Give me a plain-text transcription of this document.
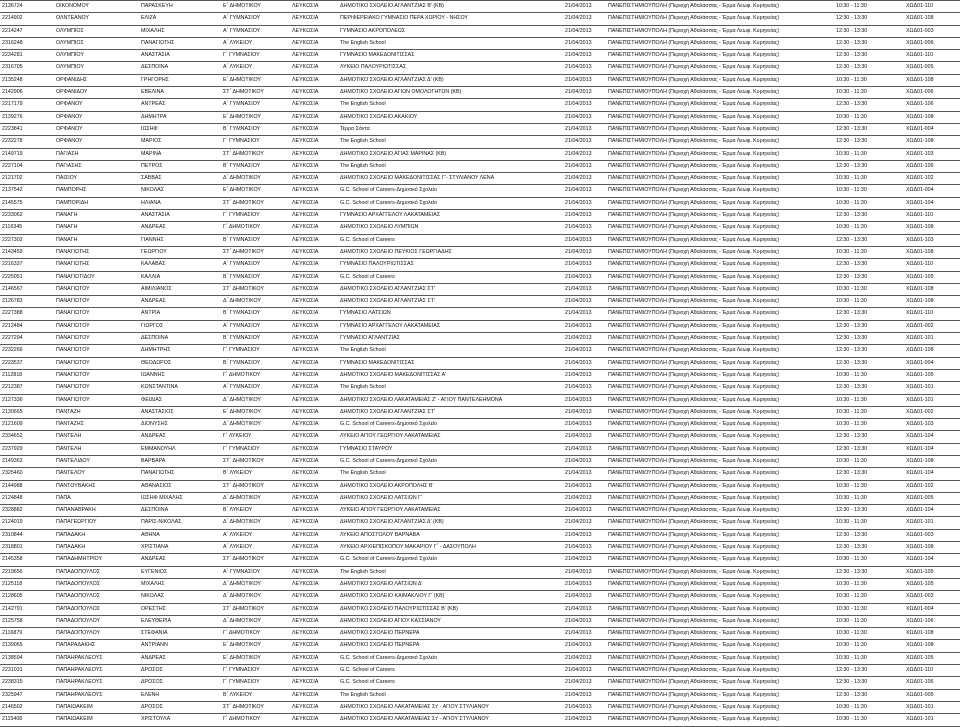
2136724	ΟΙΚΟΝΟΜΟΥ	ΠΑΡΑΣΚΕΥΗ	Ε΄ ΔΗΜΟΤΙΚΟΥ	ΛΕΥΚΩΣΙΑ	ΔΗΜΟΤΙΚΟ ΣΧΟΛΕΙΟ ΑΓΛΑΝΤΖΙΑΣ Β' (ΚΒ)	21/04/2013	ΠΑΝΕΠΙΣΤΗΜΙΟΥΠΟΛΗ (Περιοχή Αθαλάσσας - Έρμα Λεωφ. Κυρηνείας)	10:30 - 11:30	ΧΩΔ01-110
2214902	ΟΛΝΤΕΑΝΟΥ	ΕΛΙΖΑ	Α΄ ΓΥΜΝΑΣΙΟΥ	ΛΕΥΚΩΣΙΑ	ΠΕΡΙΦΕΡΕΙΑΚΟ ΓΥΜΝΑΣΙΟ ΠΕΡΑ ΧΩΡΙΟΥ - ΝΗΣΟΥ	21/04/2013	ΠΑΝΕΠΙΣΤΗΜΙΟΥΠΟΛΗ (Περιοχή Αθαλάσσας - Έρμα Λεωφ. Κυρηνείας)	12:30 - 13:30	ΧΩΔ01-108
2214247	ΟΛΥΜΠΙΟΣ	ΜΙΧΑΛΗΣ	Α΄ ΓΥΜΝΑΣΙΟΥ	ΛΕΥΚΩΣΙΑ	ΓΥΜΝΑΣΙΟ ΑΚΡΟΠΟΛΕΩΣ	21/04/2013	ΠΑΝΕΠΙΣΤΗΜΙΟΥΠΟΛΗ (Περιοχή Αθαλάσσας - Έρμα Λεωφ. Κυρηνείας)	12:30 - 13:30	ΧΩΔ01-003
2316248	ΟΛΥΜΠΙΟΣ	ΠΑΝΑΓΙΩΤΗΣ	Α΄ ΛΥΚΕΙΟΥ	ΛΕΥΚΩΣΙΑ	The English School	21/04/2013	ΠΑΝΕΠΙΣΤΗΜΙΟΥΠΟΛΗ (Περιοχή Αθαλάσσας - Έρμα Λεωφ. Κυρηνείας)	12:30 - 13:30	ΧΩΔ01-006
2234281	ΟΛΥΜΠΙΟΥ	ΑΝΑΣΤΑΣΙΑ	Γ΄ ΓΥΜΝΑΣΙΟΥ	ΛΕΥΚΩΣΙΑ	ΓΥΜΝΑΣΙΟ ΜΑΚΕΔΟΝΙΤΙΣΣΑΣ	21/04/2013	ΠΑΝΕΠΙΣΤΗΜΙΟΥΠΟΛΗ (Περιοχή Αθαλάσσας - Έρμα Λεωφ. Κυρηνείας)	12:30 - 13:30	ΧΩΔ01-110
2316705	ΟΛΥΜΠΙΟΥ	ΔΕΣΠΟΙΝΑ	Α΄ ΛΥΚΕΙΟΥ	ΛΕΥΚΩΣΙΑ	ΛΥΚΕΙΟ ΠΑΛΟΥΡΙΩΤΙΣΣΑΣ	21/04/2013	ΠΑΝΕΠΙΣΤΗΜΙΟΥΠΟΛΗ (Περιοχή Αθαλάσσας - Έρμα Λεωφ. Κυρηνείας)	12:30 - 13:30	ΧΩΔ01-005
2135248	ΟΡΦΑΝΙΔΗΣ	ΓΡΗΓΟΡΗΣ	Ε΄ ΔΗΜΟΤΙΚΟΥ	ΛΕΥΚΩΣΙΑ	ΔΗΜΟΤΙΚΟ ΣΧΟΛΕΙΟ ΑΓΛΑΝΤΖΙΑΣ Δ' (ΚΒ)	21/04/2013	ΠΑΝΕΠΙΣΤΗΜΙΟΥΠΟΛΗ (Περιοχή Αθαλάσσας - Έρμα Λεωφ. Κυρηνείας)	10:30 - 11:30	ΧΩΔ01-108
2142906	ΟΡΦΑΝΙΔΟΥ	ΕΒΕΛΙΝΑ	ΣΤ΄ ΔΗΜΟΤΙΚΟΥ	ΛΕΥΚΩΣΙΑ	ΔΗΜΟΤΙΚΟ ΣΧΟΛΕΙΟ ΑΓΙΩΝ ΟΜΟΛΟΓΗΤΩΝ (ΚΒ)	21/04/2013	ΠΑΝΕΠΙΣΤΗΜΙΟΥΠΟΛΗ (Περιοχή Αθαλάσσας - Έρμα Λεωφ. Κυρηνείας)	10:30 - 11:30	ΧΩΔ01-006
2217179	ΟΡΦΑΝΟΥ	ΑΝΤΡΕΑΣ	Α΄ ΓΥΜΝΑΣΙΟΥ	ΛΕΥΚΩΣΙΑ	The English School	21/04/2013	ΠΑΝΕΠΙΣΤΗΜΙΟΥΠΟΛΗ (Περιοχή Αθαλάσσας - Έρμα Λεωφ. Κυρηνείας)	12:30 - 13:30	ΧΩΔ01-106
2139276	ΟΡΦΑΝΟΥ	ΔΗΜΗΤΡΑ	Ε΄ ΔΗΜΟΤΙΚΟΥ	ΛΕΥΚΩΣΙΑ	ΔΗΜΟΤΙΚΟ ΣΧΟΛΕΙΟ ΑΚΑΚΙΟΥ	21/04/2013	ΠΑΝΕΠΙΣΤΗΜΙΟΥΠΟΛΗ (Περιοχή Αθαλάσσας - Έρμα Λεωφ. Κυρηνείας)	10:30 - 11:30	ΧΩΔ01-108
2223841	ΟΡΦΑΝΟΥ	ΙΩΣΗΦ	Β΄ ΓΥΜΝΑΣΙΟΥ	ΛΕΥΚΩΣΙΑ	Τέρρα Σάντα	21/04/2013	ΠΑΝΕΠΙΣΤΗΜΙΟΥΠΟΛΗ (Περιοχή Αθαλάσσας - Έρμα Λεωφ. Κυρηνείας)	12:30 - 13:30	ΧΩΔ01-004
2232278	ΟΡΦΑΝΟΥ	ΜΑΡΙΟΣ	Γ΄ ΓΥΜΝΑΣΙΟΥ	ΛΕΥΚΩΣΙΑ	The English School	21/04/2013	ΠΑΝΕΠΙΣΤΗΜΙΟΥΠΟΛΗ (Περιοχή Αθαλάσσας - Έρμα Λεωφ. Κυρηνείας)	12:30 - 13:30	ΧΩΔ01-108
2149719	ΠΑΓΙΑΣΗ	ΜΑΡΙΝΑ	ΣΤ΄ ΔΗΜΟΤΙΚΟΥ	ΛΕΥΚΩΣΙΑ	ΔΗΜΟΤΙΚΟ ΣΧΟΛΕΙΟ ΑΓΙΑΣ ΜΑΡΙΝΑΣ (ΚΒ)	21/04/2013	ΠΑΝΕΠΙΣΤΗΜΙΟΥΠΟΛΗ (Περιοχή Αθαλάσσας - Έρμα Λεωφ. Κυρηνείας)	10:30 - 11:30	ΧΩΔ01-103
2227104	ΠΑΓΙΑΣΗΣ	ΠΕΤΡΟΣ	Β΄ ΓΥΜΝΑΣΙΟΥ	ΛΕΥΚΩΣΙΑ	The English School	21/04/2013	ΠΑΝΕΠΙΣΤΗΜΙΟΥΠΟΛΗ (Περιοχή Αθαλάσσας - Έρμα Λεωφ. Κυρηνείας)	12:30 - 13:30	ΧΩΔ01-106
2121702	ΠΑΙΣΙΟΥ	ΣΑΒΒΑΣ	Δ΄ ΔΗΜΟΤΙΚΟΥ	ΛΕΥΚΩΣΙΑ	ΔΗΜΟΤΙΚΟ ΣΧΟΛΕΙΟ ΜΑΚΕΔΟΝΙΤΙΣΣΑΣ Γ'- ΣΤΥΛΙΑΝΟΥ ΛΕΝΑ	21/04/2013	ΠΑΝΕΠΙΣΤΗΜΙΟΥΠΟΛΗ (Περιοχή Αθαλάσσας - Έρμα Λεωφ. Κυρηνείας)	10:30 - 11:30	ΧΩΔ01-102
2137542	ΠΑΜΠΟΡΗΣ	ΝΙΚΟΛΑΣ	Ε΄ ΔΗΜΟΤΙΚΟΥ	ΛΕΥΚΩΣΙΑ	G.C. School of Careers-Δημοτικό Σχολείο	21/04/2013	ΠΑΝΕΠΙΣΤΗΜΙΟΥΠΟΛΗ (Περιοχή Αθαλάσσας - Έρμα Λεωφ. Κυρηνείας)	10:30 - 11:30	ΧΩΔ01-004
2145575	ΠΑΜΠΟΡΙΔΗ	ΗΛΙΑΝΑ	ΣΤ΄ ΔΗΜΟΤΙΚΟΥ	ΛΕΥΚΩΣΙΑ	G.C. School of Careers-Δημοτικό Σχολείο	21/04/2013	ΠΑΝΕΠΙΣΤΗΜΙΟΥΠΟΛΗ (Περιοχή Αθαλάσσας - Έρμα Λεωφ. Κυρηνείας)	10:30 - 11:30	ΧΩΔ01-104
2233062	ΠΑΝΑΓΗ	ΑΝΑΣΤΑΣΙΑ	Γ΄ ΓΥΜΝΑΣΙΟΥ	ΛΕΥΚΩΣΙΑ	ΓΥΜΝΑΣΙΟ ΑΡΧΑΓΓΕΛΟΥ ΛΑΚΑΤΑΜΕΙΑΣ	21/04/2013	ΠΑΝΕΠΙΣΤΗΜΙΟΥΠΟΛΗ (Περιοχή Αθαλάσσας - Έρμα Λεωφ. Κυρηνείας)	12:30 - 13:30	ΧΩΔ01-110
2116345	ΠΑΝΑΓΗ	ΑΝΔΡΕΑΣ	Γ΄ ΔΗΜΟΤΙΚΟΥ	ΛΕΥΚΩΣΙΑ	ΔΗΜΟΤΙΚΟ ΣΧΟΛΕΙΟ ΛΥΜΠΙΩΝ	21/04/2013	ΠΑΝΕΠΙΣΤΗΜΙΟΥΠΟΛΗ (Περιοχή Αθαλάσσας - Έρμα Λεωφ. Κυρηνείας)	10:30 - 11:30	ΧΩΔ01-108
2227302	ΠΑΝΑΓΗ	ΓΙΑΝΝΗΣ	Β΄ ΓΥΜΝΑΣΙΟΥ	ΛΕΥΚΩΣΙΑ	G.C. School of Careers	21/04/2013	ΠΑΝΕΠΙΣΤΗΜΙΟΥΠΟΛΗ (Περιοχή Αθαλάσσας - Έρμα Λεωφ. Κυρηνείας)	12:30 - 13:30	ΧΩΔ01-103
2143459	ΠΑΝΑΓΙΩΤΗΣ	ΓΕΩΡΓΙΟΥ	ΣΤ΄ ΔΗΜΟΤΙΚΟΥ	ΛΕΥΚΩΣΙΑ	ΔΗΜΟΤΙΚΟ ΣΧΟΛΕΙΟ ΠΕΥΚΙΟΣ ΓΕΩΡΓΙΑΔΗΣ	21/04/2013	ΠΑΝΕΠΙΣΤΗΜΙΟΥΠΟΛΗ (Περιοχή Αθαλάσσας - Έρμα Λεωφ. Κυρηνείας)	10:30 - 11:30	ΧΩΔ01-108
2216337	ΠΑΝΑΓΙΩΤΗΣ	ΚΑΛΑΒΑΣ	Α΄ ΓΥΜΝΑΣΙΟΥ	ΛΕΥΚΩΣΙΑ	ΓΥΜΝΑΣΙΟ ΠΑΛΟΥΡΙΩΤΙΣΣΑΣ	21/04/2013	ΠΑΝΕΠΙΣΤΗΜΙΟΥΠΟΛΗ (Περιοχή Αθαλάσσας - Έρμα Λεωφ. Κυρηνείας)	12:30 - 13:30	ΧΩΔ01-110
2225051	ΠΑΝΑΓΙΩΤΙΔΟΥ	ΚΑΛΛΙΑ	Β΄ ΓΥΜΝΑΣΙΟΥ	ΛΕΥΚΩΣΙΑ	G.C. School of Careers	21/04/2013	ΠΑΝΕΠΙΣΤΗΜΙΟΥΠΟΛΗ (Περιοχή Αθαλάσσας - Έρμα Λεωφ. Κυρηνείας)	12:30 - 13:30	ΧΩΔ01-105
2146567	ΠΑΝΑΓΙΩΤΟΥ	ΑΙΜΙΛΙΑΝΟΣ	ΣΤ΄ ΔΗΜΟΤΙΚΟΥ	ΛΕΥΚΩΣΙΑ	ΔΗΜΟΤΙΚΟ ΣΧΟΛΕΙΟ ΑΓΛΑΝΤΖΙΑΣ ΣΤ'	21/04/2013	ΠΑΝΕΠΙΣΤΗΜΙΟΥΠΟΛΗ (Περιοχή Αθαλάσσας - Έρμα Λεωφ. Κυρηνείας)	10:30 - 11:30	ΧΩΔ01-108
2126783	ΠΑΝΑΓΙΩΤΟΥ	ΑΝΔΡΕΑΣ	Δ΄ ΔΗΜΟΤΙΚΟΥ	ΛΕΥΚΩΣΙΑ	ΔΗΜΟΤΙΚΟ ΣΧΟΛΕΙΟ ΑΓΛΑΝΤΖΙΑΣ ΣΤ'	21/04/2013	ΠΑΝΕΠΙΣΤΗΜΙΟΥΠΟΛΗ (Περιοχή Αθαλάσσας - Έρμα Λεωφ. Κυρηνείας)	10:30 - 11:30	ΧΩΔ01-108
2227388	ΠΑΝΑΓΙΩΤΟΥ	ΑΝΤΡΙΑ	Β΄ ΓΥΜΝΑΣΙΟΥ	ΛΕΥΚΩΣΙΑ	ΓΥΜΝΑΣΙΟ ΛΑΤΣΙΩΝ	21/04/2013	ΠΑΝΕΠΙΣΤΗΜΙΟΥΠΟΛΗ (Περιοχή Αθαλάσσας - Έρμα Λεωφ. Κυρηνείας)	12:30 - 13:30	ΧΩΔ01-110
2212484	ΠΑΝΑΓΙΩΤΟΥ	ΓΙΩΡΓΟΣ	Α΄ ΓΥΜΝΑΣΙΟΥ	ΛΕΥΚΩΣΙΑ	ΓΥΜΝΑΣΙΟ ΑΡΧΑΓΓΕΛΟΥ ΛΑΚΑΤΑΜΕΙΑΣ	21/04/2013	ΠΑΝΕΠΙΣΤΗΜΙΟΥΠΟΛΗ (Περιοχή Αθαλάσσας - Έρμα Λεωφ. Κυρηνείας)	12:30 - 13:30	ΧΩΔ01-002
2227294	ΠΑΝΑΓΙΩΤΟΥ	ΔΕΣΠΟΙΝΑ	Β΄ ΓΥΜΝΑΣΙΟΥ	ΛΕΥΚΩΣΙΑ	ΓΥΜΝΑΣΙΟ ΑΓΛΑΝΤΖΙΑΣ	21/04/2013	ΠΑΝΕΠΙΣΤΗΜΙΟΥΠΟΛΗ (Περιοχή Αθαλάσσας - Έρμα Λεωφ. Κυρηνείας)	12:30 - 13:30	ΧΩΔ01-101
2232266	ΠΑΝΑΓΙΩΤΟΥ	ΔΗΜΗΤΡΗΣ	Γ΄ ΓΥΜΝΑΣΙΟΥ	ΛΕΥΚΩΣΙΑ	The English School	21/04/2013	ΠΑΝΕΠΙΣΤΗΜΙΟΥΠΟΛΗ (Περιοχή Αθαλάσσας - Έρμα Λεωφ. Κυρηνείας)	12:30 - 13:30	ΧΩΔ01-108
2223537	ΠΑΝΑΓΙΩΤΟΥ	ΘΕΟΔΩΡΟΣ	Β΄ ΓΥΜΝΑΣΙΟΥ	ΛΕΥΚΩΣΙΑ	ΓΥΜΝΑΣΙΟ ΜΑΚΕΔΟΝΙΤΙΣΣΑΣ	21/04/2013	ΠΑΝΕΠΙΣΤΗΜΙΟΥΠΟΛΗ (Περιοχή Αθαλάσσας - Έρμα Λεωφ. Κυρηνείας)	12:30 - 13:30	ΧΩΔ01-004
2112818	ΠΑΝΑΓΙΩΤΟΥ	ΙΩΑΝΝΗΣ	Γ΄ ΔΗΜΟΤΙΚΟΥ	ΛΕΥΚΩΣΙΑ	ΔΗΜΟΤΙΚΟ ΣΧΟΛΕΙΟ ΜΑΚΕΔΟΝΙΤΙΣΣΑΣ Α'	21/04/2013	ΠΑΝΕΠΙΣΤΗΜΙΟΥΠΟΛΗ (Περιοχή Αθαλάσσας - Έρμα Λεωφ. Κυρηνείας)	10:30 - 11:30	ΧΩΔ01-105
2212387	ΠΑΝΑΓΙΩΤΟΥ	ΚΩΝΣΤΑΝΤΙΝΑ	Α΄ ΓΥΜΝΑΣΙΟΥ	ΛΕΥΚΩΣΙΑ	The English School	21/04/2013	ΠΑΝΕΠΙΣΤΗΜΙΟΥΠΟΛΗ (Περιοχή Αθαλάσσας - Έρμα Λεωφ. Κυρηνείας)	12:30 - 13:30	ΧΩΔ01-101
2127336	ΠΑΝΑΓΙΩΤΟΥ	ΦΕΙΔΙΑΣ	Δ΄ ΔΗΜΟΤΙΚΟΥ	ΛΕΥΚΩΣΙΑ	ΔΗΜΟΤΙΚΟ ΣΧΟΛΕΙΟ ΛΑΚΑΤΑΜΕΙΑΣ Ζ' - ΑΓΙΟΥ ΠΑΝΤΕΛΕΗΜΟΝΑ	21/04/2013	ΠΑΝΕΠΙΣΤΗΜΙΟΥΠΟΛΗ (Περιοχή Αθαλάσσας - Έρμα Λεωφ. Κυρηνείας)	10:30 - 11:30	ΧΩΔ01-101
2130665	ΠΑΝΤΑΖΗ	ΑΝΑΣΤΑΣΙΟΣ	Ε΄ ΔΗΜΟΤΙΚΟΥ	ΛΕΥΚΩΣΙΑ	ΔΗΜΟΤΙΚΟ ΣΧΟΛΕΙΟ ΑΓΛΑΝΤΖΙΑΣ ΣΤ'	21/04/2013	ΠΑΝΕΠΙΣΤΗΜΙΟΥΠΟΛΗ (Περιοχή Αθαλάσσας - Έρμα Λεωφ. Κυρηνείας)	10:30 - 11:30	ΧΩΔ01-002
2121609	ΠΑΝΤΑΖΗΣ	ΔΙΟΝΥΣΗΣ	Δ΄ ΔΗΜΟΤΙΚΟΥ	ΛΕΥΚΩΣΙΑ	G.C. School of Careers-Δημοτικό Σχολείο	21/04/2013	ΠΑΝΕΠΙΣΤΗΜΙΟΥΠΟΛΗ (Περιοχή Αθαλάσσας - Έρμα Λεωφ. Κυρηνείας)	10:30 - 11:30	ΧΩΔ01-103
2334652	ΠΑΝΤΕΛΗ	ΑΝΔΡΕΑΣ	Γ΄ ΛΥΚΕΙΟΥ	ΛΕΥΚΩΣΙΑ	ΛΥΚΕΙΟ ΑΓΙΟΥ ΓΕΩΡΓΙΟΥ ΛΑΚΑΤΑΜΕΙΑΣ	21/04/2013	ΠΑΝΕΠΙΣΤΗΜΙΟΥΠΟΛΗ (Περιοχή Αθαλάσσας - Έρμα Λεωφ. Κυρηνείας)	12:30 - 13:30	ΧΩΔ01-104
2237929	ΠΑΝΤΕΛΗ	ΕΜΜΑΝΟΥΗΛ	Γ΄ ΓΥΜΝΑΣΙΟΥ	ΛΕΥΚΩΣΙΑ	ΓΥΜΝΑΣΙΟ ΣΤΑΥΡΟΥ	21/04/2013	ΠΑΝΕΠΙΣΤΗΜΙΟΥΠΟΛΗ (Περιοχή Αθαλάσσας - Έρμα Λεωφ. Κυρηνείας)	12:30 - 13:30	ΧΩΔ01-104
2149363	ΠΑΝΤΕΛΙΔΟΥ	ΒΑΡΒΑΡΑ	ΣΤ΄ ΔΗΜΟΤΙΚΟΥ	ΛΕΥΚΩΣΙΑ	G.C. School of Careers-Δημοτικό Σχολείο	21/04/2013	ΠΑΝΕΠΙΣΤΗΜΙΟΥΠΟΛΗ (Περιοχή Αθαλάσσας - Έρμα Λεωφ. Κυρηνείας)	10:30 - 11:30	ΧΩΔ01-108
2325460	ΠΑΝΤΕΛΟΥ	ΠΑΝΑΓΙΩΤΗΣ	Β΄ ΛΥΚΕΙΟΥ	ΛΕΥΚΩΣΙΑ	The English School	21/04/2013	ΠΑΝΕΠΙΣΤΗΜΙΟΥΠΟΛΗ (Περιοχή Αθαλάσσας - Έρμα Λεωφ. Κυρηνείας)	12:30 - 13:30	ΧΩΔ01-104
2144988	ΠΑΝΤΟΥΒΑΚΗΣ	ΑΘΑΝΑΣΙΟΣ	ΣΤ΄ ΔΗΜΟΤΙΚΟΥ	ΛΕΥΚΩΣΙΑ	ΔΗΜΟΤΙΚΟ ΣΧΟΛΕΙΟ ΑΚΡΟΠΟΛΗΣ Β'	21/04/2013	ΠΑΝΕΠΙΣΤΗΜΙΟΥΠΟΛΗ (Περιοχή Αθαλάσσας - Έρμα Λεωφ. Κυρηνείας)	10:30 - 11:30	ΧΩΔ01-102
2124848	ΠΑΠΑ	ΙΩΣΗΦ ΜΙΧΑΛΗΣ	Δ΄ ΔΗΜΟΤΙΚΟΥ	ΛΕΥΚΩΣΙΑ	ΔΗΜΟΤΙΚΟ ΣΧΟΛΕΙΟ ΛΑΤΣΙΩΝ Γ'	21/04/2013	ΠΑΝΕΠΙΣΤΗΜΙΟΥΠΟΛΗ (Περιοχή Αθαλάσσας - Έρμα Λεωφ. Κυρηνείας)	10:30 - 11:30	ΧΩΔ01-005
2328882	ΠΑΠΑΝΑΒΡΑΚΗ	ΔΕΣΠΟΙΝΑ	Β΄ ΛΥΚΕΙΟΥ	ΛΕΥΚΩΣΙΑ	ΛΥΚΕΙΟ ΑΓΙΟΥ ΓΕΩΡΓΙΟΥ ΛΑΚΑΤΑΜΕΙΑΣ	21/04/2013	ΠΑΝΕΠΙΣΤΗΜΙΟΥΠΟΛΗ (Περιοχή Αθαλάσσας - Έρμα Λεωφ. Κυρηνείας)	12:30 - 13:30	ΧΩΔ01-104
2124019	ΠΑΠΑΓΕΩΡΓΙΟΥ	ΠΑΡΙΣ-ΝΙΚΟΛΑΣ	Δ΄ ΔΗΜΟΤΙΚΟΥ	ΛΕΥΚΩΣΙΑ	ΔΗΜΟΤΙΚΟ ΣΧΟΛΕΙΟ ΑΓΛΑΝΤΖΙΑΣ Δ' (ΚΒ)	21/04/2013	ΠΑΝΕΠΙΣΤΗΜΙΟΥΠΟΛΗ (Περιοχή Αθαλάσσας - Έρμα Λεωφ. Κυρηνείας)	10:30 - 11:30	ΧΩΔ01-101
2310844	ΠΑΠΑΔΑΚΗ	ΑΘΗΝΑ	Α΄ ΛΥΚΕΙΟΥ	ΛΕΥΚΩΣΙΑ	ΛΥΚΕΙΟ ΑΠΟΣΤΟΛΟΥ ΒΑΡΝΑΒΑ	21/04/2013	ΠΑΝΕΠΙΣΤΗΜΙΟΥΠΟΛΗ (Περιοχή Αθαλάσσας - Έρμα Λεωφ. Κυρηνείας)	12:30 - 13:30	ΧΩΔ01-003
2318801	ΠΑΠΑΔΑΚΗ	ΧΡΙΣΤΙΑΝΑ	Α΄ ΛΥΚΕΙΟΥ	ΛΕΥΚΩΣΙΑ	ΛΥΚΕΙΟ ΑΡΧΙΕΠΙΣΚΟΠΟΥ ΜΑΚΑΡΙΟΥ Γ΄ - ΔΑΣΟΥΠΟΛΗ	21/04/2013	ΠΑΝΕΠΙΣΤΗΜΙΟΥΠΟΛΗ (Περιοχή Αθαλάσσας - Έρμα Λεωφ. Κυρηνείας)	12:30 - 13:30	ΧΩΔ01-108
2145358	ΠΑΠΑΔΗΜΗΤΡΙΟΥ	ΑΝΔΡΕΑΣ	ΣΤ΄ ΔΗΜΟΤΙΚΟΥ	ΛΕΥΚΩΣΙΑ	G.C. School of Careers-Δημοτικό Σχολείο	21/04/2013	ΠΑΝΕΠΙΣΤΗΜΙΟΥΠΟΛΗ (Περιοχή Αθαλάσσας - Έρμα Λεωφ. Κυρηνείας)	10:30 - 11:30	ΧΩΔ01-104
2219656	ΠΑΠΑΔΟΠΟΥΛΟΣ	ΕΥΓΕΝΙΟΣ	Α΄ ΓΥΜΝΑΣΙΟΥ	ΛΕΥΚΩΣΙΑ	The English School	21/04/2013	ΠΑΝΕΠΙΣΤΗΜΙΟΥΠΟΛΗ (Περιοχή Αθαλάσσας - Έρμα Λεωφ. Κυρηνείας)	12:30 - 13:30	ΧΩΔ01-105
2125118	ΠΑΠΑΔΟΠΟΥΛΟΣ	ΜΙΧΑΛΗΣ	Δ΄ ΔΗΜΟΤΙΚΟΥ	ΛΕΥΚΩΣΙΑ	ΔΗΜΟΤΙΚΟ ΣΧΟΛΕΙΟ ΛΑΤΣΙΩΝ Δ'	21/04/2013	ΠΑΝΕΠΙΣΤΗΜΙΟΥΠΟΛΗ (Περιοχή Αθαλάσσας - Έρμα Λεωφ. Κυρηνείας)	10:30 - 11:30	ΧΩΔ01-105
2128605	ΠΑΠΑΔΟΠΟΥΛΟΣ	ΝΙΚΟΛΑΣ	Δ΄ ΔΗΜΟΤΙΚΟΥ	ΛΕΥΚΩΣΙΑ	ΔΗΜΟΤΙΚΟ ΣΧΟΛΕΙΟ ΚΑΙΜΑΚΛΙΟΥ Γ' (ΚΒ)	21/04/2013	ΠΑΝΕΠΙΣΤΗΜΙΟΥΠΟΛΗ (Περιοχή Αθαλάσσας - Έρμα Λεωφ. Κυρηνείας)	10:30 - 11:30	ΧΩΔ01-003
2142791	ΠΑΠΑΔΟΠΟΥΛΟΣ	ΟΡΕΣΤΗΣ	ΣΤ΄ ΔΗΜΟΤΙΚΟΥ	ΛΕΥΚΩΣΙΑ	ΔΗΜΟΤΙΚΟ ΣΧΟΛΕΙΟ ΠΑΛΟΥΡΙΩΤΙΣΣΑΣ Β' (ΚΒ)	21/04/2013	ΠΑΝΕΠΙΣΤΗΜΙΟΥΠΟΛΗ (Περιοχή Αθαλάσσας - Έρμα Λεωφ. Κυρηνείας)	10:30 - 11:30	ΧΩΔ01-004
2125758	ΠΑΠΑΔΟΠΟΥΛΟΥ	ΕΛΕΥΘΕΡΙΑ	Δ΄ ΔΗΜΟΤΙΚΟΥ	ΛΕΥΚΩΣΙΑ	ΔΗΜΟΤΙΚΟ ΣΧΟΛΕΙΟ ΑΓΙΟΥ ΚΑΣΣΙΑΝΟΥ	21/04/2013	ΠΑΝΕΠΙΣΤΗΜΙΟΥΠΟΛΗ (Περιοχή Αθαλάσσας - Έρμα Λεωφ. Κυρηνείας)	10:30 - 11:30	ΧΩΔ01-106
2116879	ΠΑΠΑΔΟΠΟΥΛΟΥ	ΣΤΕΦΑΝΙΑ	Γ΄ ΔΗΜΟΤΙΚΟΥ	ΛΕΥΚΩΣΙΑ	ΔΗΜΟΤΙΚΟ ΣΧΟΛΕΙΟ ΠΕΡΝΕΡΑ	21/04/2013	ΠΑΝΕΠΙΣΤΗΜΙΟΥΠΟΛΗ (Περιοχή Αθαλάσσας - Έρμα Λεωφ. Κυρηνείας)	10:30 - 11:30	ΧΩΔ01-108
2139065	ΠΑΠΑΡΑΔΑΚΗΣ	ΑΝΤΡΙΑΝΝ	Ε΄ ΔΗΜΟΤΙΚΟΥ	ΛΕΥΚΩΣΙΑ	ΔΗΜΟΤΙΚΟ ΣΧΟΛΕΙΟ ΠΕΡΝΕΡΑ	21/04/2013	ΠΑΝΕΠΙΣΤΗΜΙΟΥΠΟΛΗ (Περιοχή Αθαλάσσας - Έρμα Λεωφ. Κυρηνείας)	10:30 - 11:30	ΧΩΔ01-108
2138594	ΠΑΠΑΗΡΑΚΛΕΟΥΣ	ΑΝΔΡΕΑΣ	Ε΄ ΔΗΜΟΤΙΚΟΥ	ΛΕΥΚΩΣΙΑ	G.C. School of Careers-Δημοτικό Σχολείο	21/04/2013	ΠΑΝΕΠΙΣΤΗΜΙΟΥΠΟΛΗ (Περιοχή Αθαλάσσας - Έρμα Λεωφ. Κυρηνείας)	10:30 - 11:30	ΧΩΔ01-105
2231031	ΠΑΠΑΗΡΑΚΛΕΟΥΣ	ΔΡΟΣΟΣ	Γ΄ ΓΥΜΝΑΣΙΟΥ	ΛΕΥΚΩΣΙΑ	G.C. School of Careers	21/04/2013	ΠΑΝΕΠΙΣΤΗΜΙΟΥΠΟΛΗ (Περιοχή Αθαλάσσας - Έρμα Λεωφ. Κυρηνείας)	12:30 - 13:30	ΧΩΔ01-110
2238315	ΠΑΠΑΗΡΑΚΛΕΟΥΣ	ΔΡΟΣΟΣ	Γ΄ ΓΥΜΝΑΣΙΟΥ	ΛΕΥΚΩΣΙΑ	G.C. School of Careers	21/04/2013	ΠΑΝΕΠΙΣΤΗΜΙΟΥΠΟΛΗ (Περιοχή Αθαλάσσας - Έρμα Λεωφ. Κυρηνείας)	12:30 - 13:30	ΧΩΔ01-106
2325947	ΠΑΠΑΗΡΑΚΛΕΟΥΣ	ΕΛΕΝΗ	Β΄ ΛΥΚΕΙΟΥ	ΛΕΥΚΩΣΙΑ	The English School	21/04/2013	ΠΑΝΕΠΙΣΤΗΜΙΟΥΠΟΛΗ (Περιοχή Αθαλάσσας - Έρμα Λεωφ. Κυρηνείας)	12:30 - 13:30	ΧΩΔ01-005
2146502	ΠΑΠΑΙΩΑΚΕΙΜ	ΔΡΟΣΟΣ	ΣΤ΄ ΔΗΜΟΤΙΚΟΥ	ΛΕΥΚΩΣΙΑ	ΔΗΜΟΤΙΚΟ ΣΧΟΛΕΙΟ ΛΑΚΑΤΑΜΕΙΑΣ Στ' - ΑΓΙΟΥ ΣΤΥΛΙΑΝΟΥ	21/04/2013	ΠΑΝΕΠΙΣΤΗΜΙΟΥΠΟΛΗ (Περιοχή Αθαλάσσας - Έρμα Λεωφ. Κυρηνείας)	10:30 - 11:30	ΧΩΔ01-101
2115408	ΠΑΠΑΙΩΑΚΕΙΜ	ΧΡΙΣΤΟΥΛΑ	Γ΄ ΔΗΜΟΤΙΚΟΥ	ΛΕΥΚΩΣΙΑ	ΔΗΜΟΤΙΚΟ ΣΧΟΛΕΙΟ ΛΑΚΑΤΑΜΕΙΑΣ Στ' - ΑΓΙΟΥ ΣΤΥΛΙΑΝΟΥ	21/04/2013	ΠΑΝΕΠΙΣΤΗΜΙΟΥΠΟΛΗ (Περιοχή Αθαλάσσας - Έρμα Λεωφ. Κυρηνείας)	10:30 - 11:30	ΧΩΔ01-101
